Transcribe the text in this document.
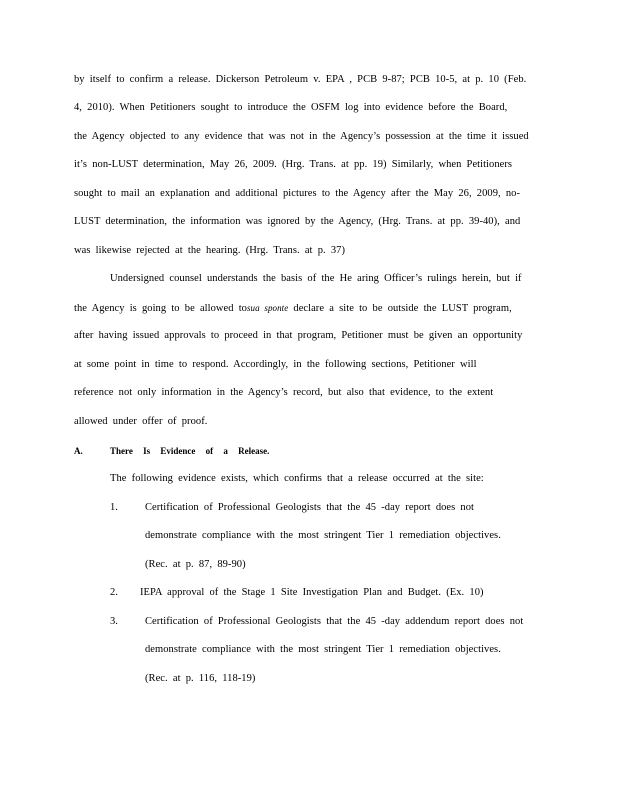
by itself to confirm a release. Dickerson Petroleum v. EPA , PCB 9-87; PCB 10-5, at p. 10 (Feb.
4, 2010). When Petitioners sought to introduce the OSFM log into evidence before the Board,
the Agency objected to any evidence that was not in the Agency’s possession at the time it issued
it’s non-LUST determination, May 26, 2009. (Hrg. Trans. at pp. 19) Similarly, when Petitioners
sought to mail an explanation and additional pictures to the Agency after the May 26, 2009, no-
LUST determination, the information was ignored by the Agency, (Hrg. Trans. at pp. 39-40), and
was likewise rejected at the hearing. (Hrg. Trans. at p. 37)
Undersigned counsel understands the basis of the He aring Officer’s rulings herein, but if
the Agency is going to be allowed tosua sponte declare a site to be outside the LUST program,
after having issued approvals to proceed in that program, Petitioner must be given an opportunity
at some point in time to respond. Accordingly, in the following sections, Petitioner will
reference not only information in the Agency’s record, but also that evidence, to the extent
allowed under offer of proof.
A.	There Is Evidence of a Release.
The following evidence exists, which confirms that a release occurred at the site:
1.	Certification of Professional Geologists that the 45 -day report does not
demonstrate compliance with the most stringent Tier 1 remediation objectives.
(Rec. at p. 87, 89-90)
2. IEPA approval of the Stage 1 Site Investigation Plan and Budget. (Ex. 10)
3.	Certification of Professional Geologists that the 45 -day addendum report does not
demonstrate compliance with the most stringent Tier 1 remediation objectives.
(Rec. at p. 116, 118-19)
